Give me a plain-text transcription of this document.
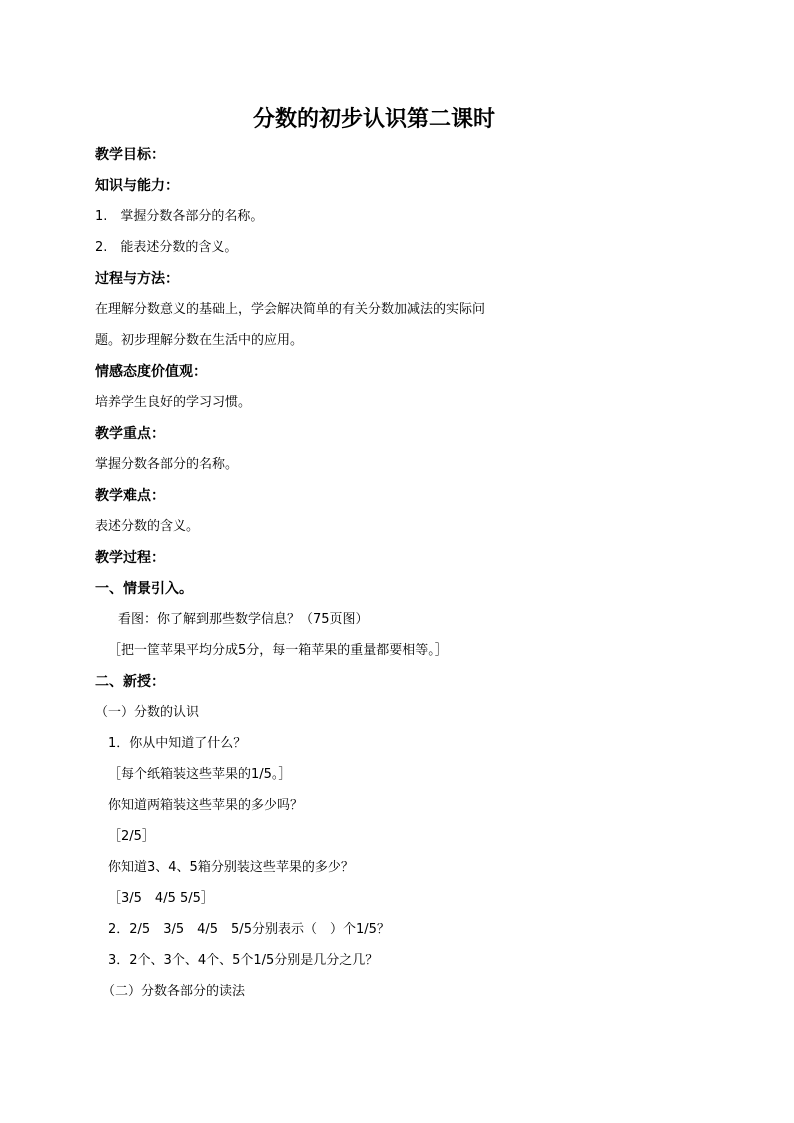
分数的初步认识第二课时
教学目标：
知识与能力：
1.　掌握分数各部分的名称。
2.　能表述分数的含义。
过程与方法：
在理解分数意义的基础上，学会解决简单的有关分数加减法的实际问
题。初步理解分数在生活中的应用。
情感态度价值观：
培养学生良好的学习习惯。
教学重点：
掌握分数各部分的名称。
教学难点：
表述分数的含义。
教学过程：
一、情景引入。
看图：你了解到那些数学信息？（75页图）
［把一筐苹果平均分成5分，每一箱苹果的重量都要相等。］
二、新授：
（一）分数的认识
1．你从中知道了什么？
［每个纸箱装这些苹果的1/5。］
你知道两箱装这些苹果的多少吗？
［2/5］
你知道3、4、5箱分别装这些苹果的多少？
［3/5　4/5 5/5］
2．2/5　3/5　4/5　5/5分别表示（　）个1/5？
3．2个、3个、4个、5个1/5分别是几分之几？
（二）分数各部分的读法
